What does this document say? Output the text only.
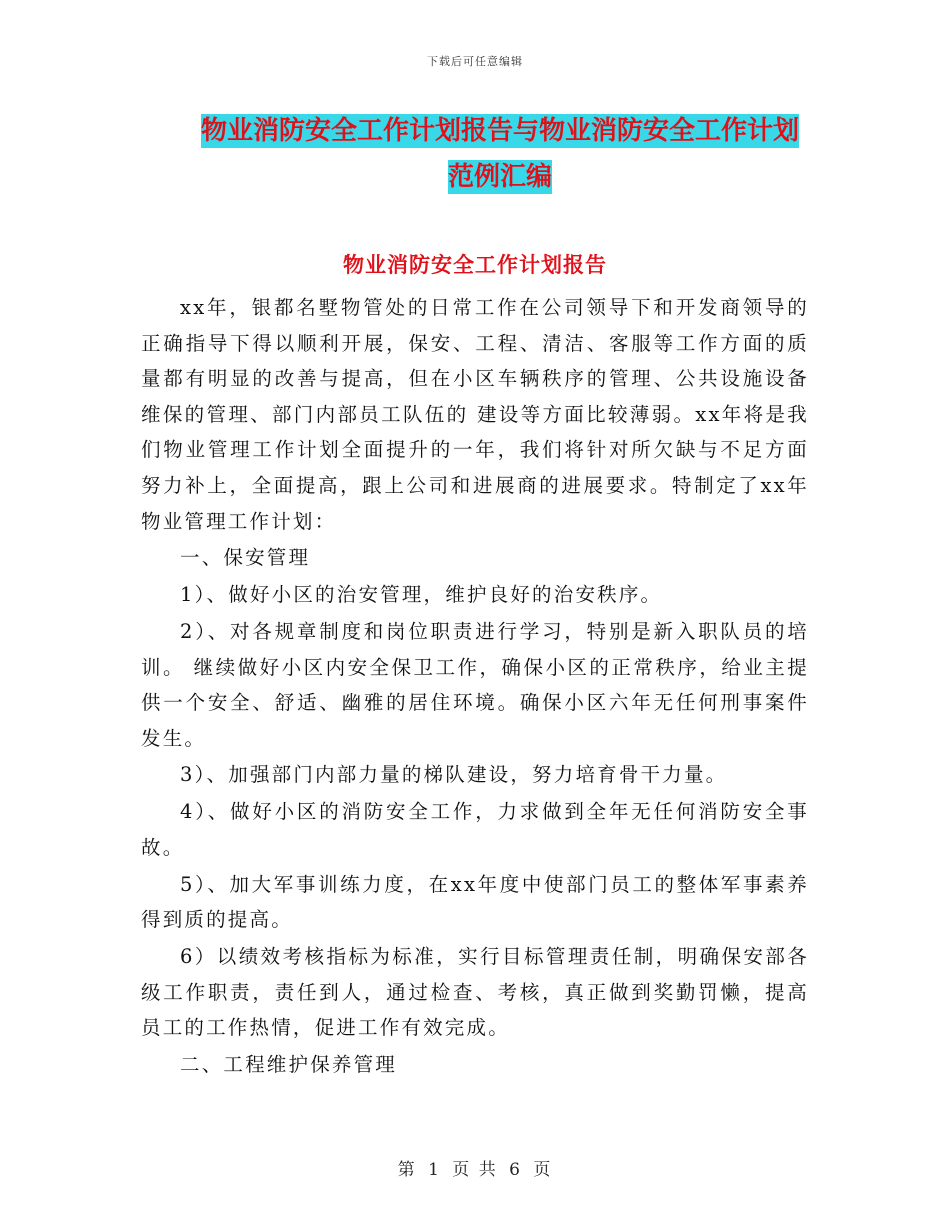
下载后可任意编辑
物业消防安全工作计划报告与物业消防安全工作计划
范例汇编
物业消防安全工作计划报告

xx年，银都名墅物管处的日常工作在公司领导下和开发商领导的正确指导下得以顺利开展，保安、工程、清洁、客服等工作方面的质量都有明显的改善与提高，但在小区车辆秩序的管理、公共设施设备维保的管理、部门内部员工队伍的 建设等方面比较薄弱。xx年将是我们物业管理工作计划全面提升的一年，我们将针对所欠缺与不足方面努力补上，全面提高，跟上公司和进展商的进展要求。特制定了xx年物业管理工作计划：

一、保安管理

1）、做好小区的治安管理，维护良好的治安秩序。

2）、对各规章制度和岗位职责进行学习，特别是新入职队员的培训。 继续做好小区内安全保卫工作，确保小区的正常秩序，给业主提供一个安全、舒适、幽雅的居住环境。确保小区六年无任何刑事案件发生。

3）、加强部门内部力量的梯队建设，努力培育骨干力量。

4）、做好小区的消防安全工作，力求做到全年无任何消防安全事故。

5）、加大军事训练力度，在xx年度中使部门员工的整体军事素养得到质的提高。

6）以绩效考核指标为标准，实行目标管理责任制，明确保安部各级工作职责，责任到人，通过检查、考核，真正做到奖勤罚懒，提高员工的工作热情，促进工作有效完成。

二、工程维护保养管理

第 1 页 共 6 页
